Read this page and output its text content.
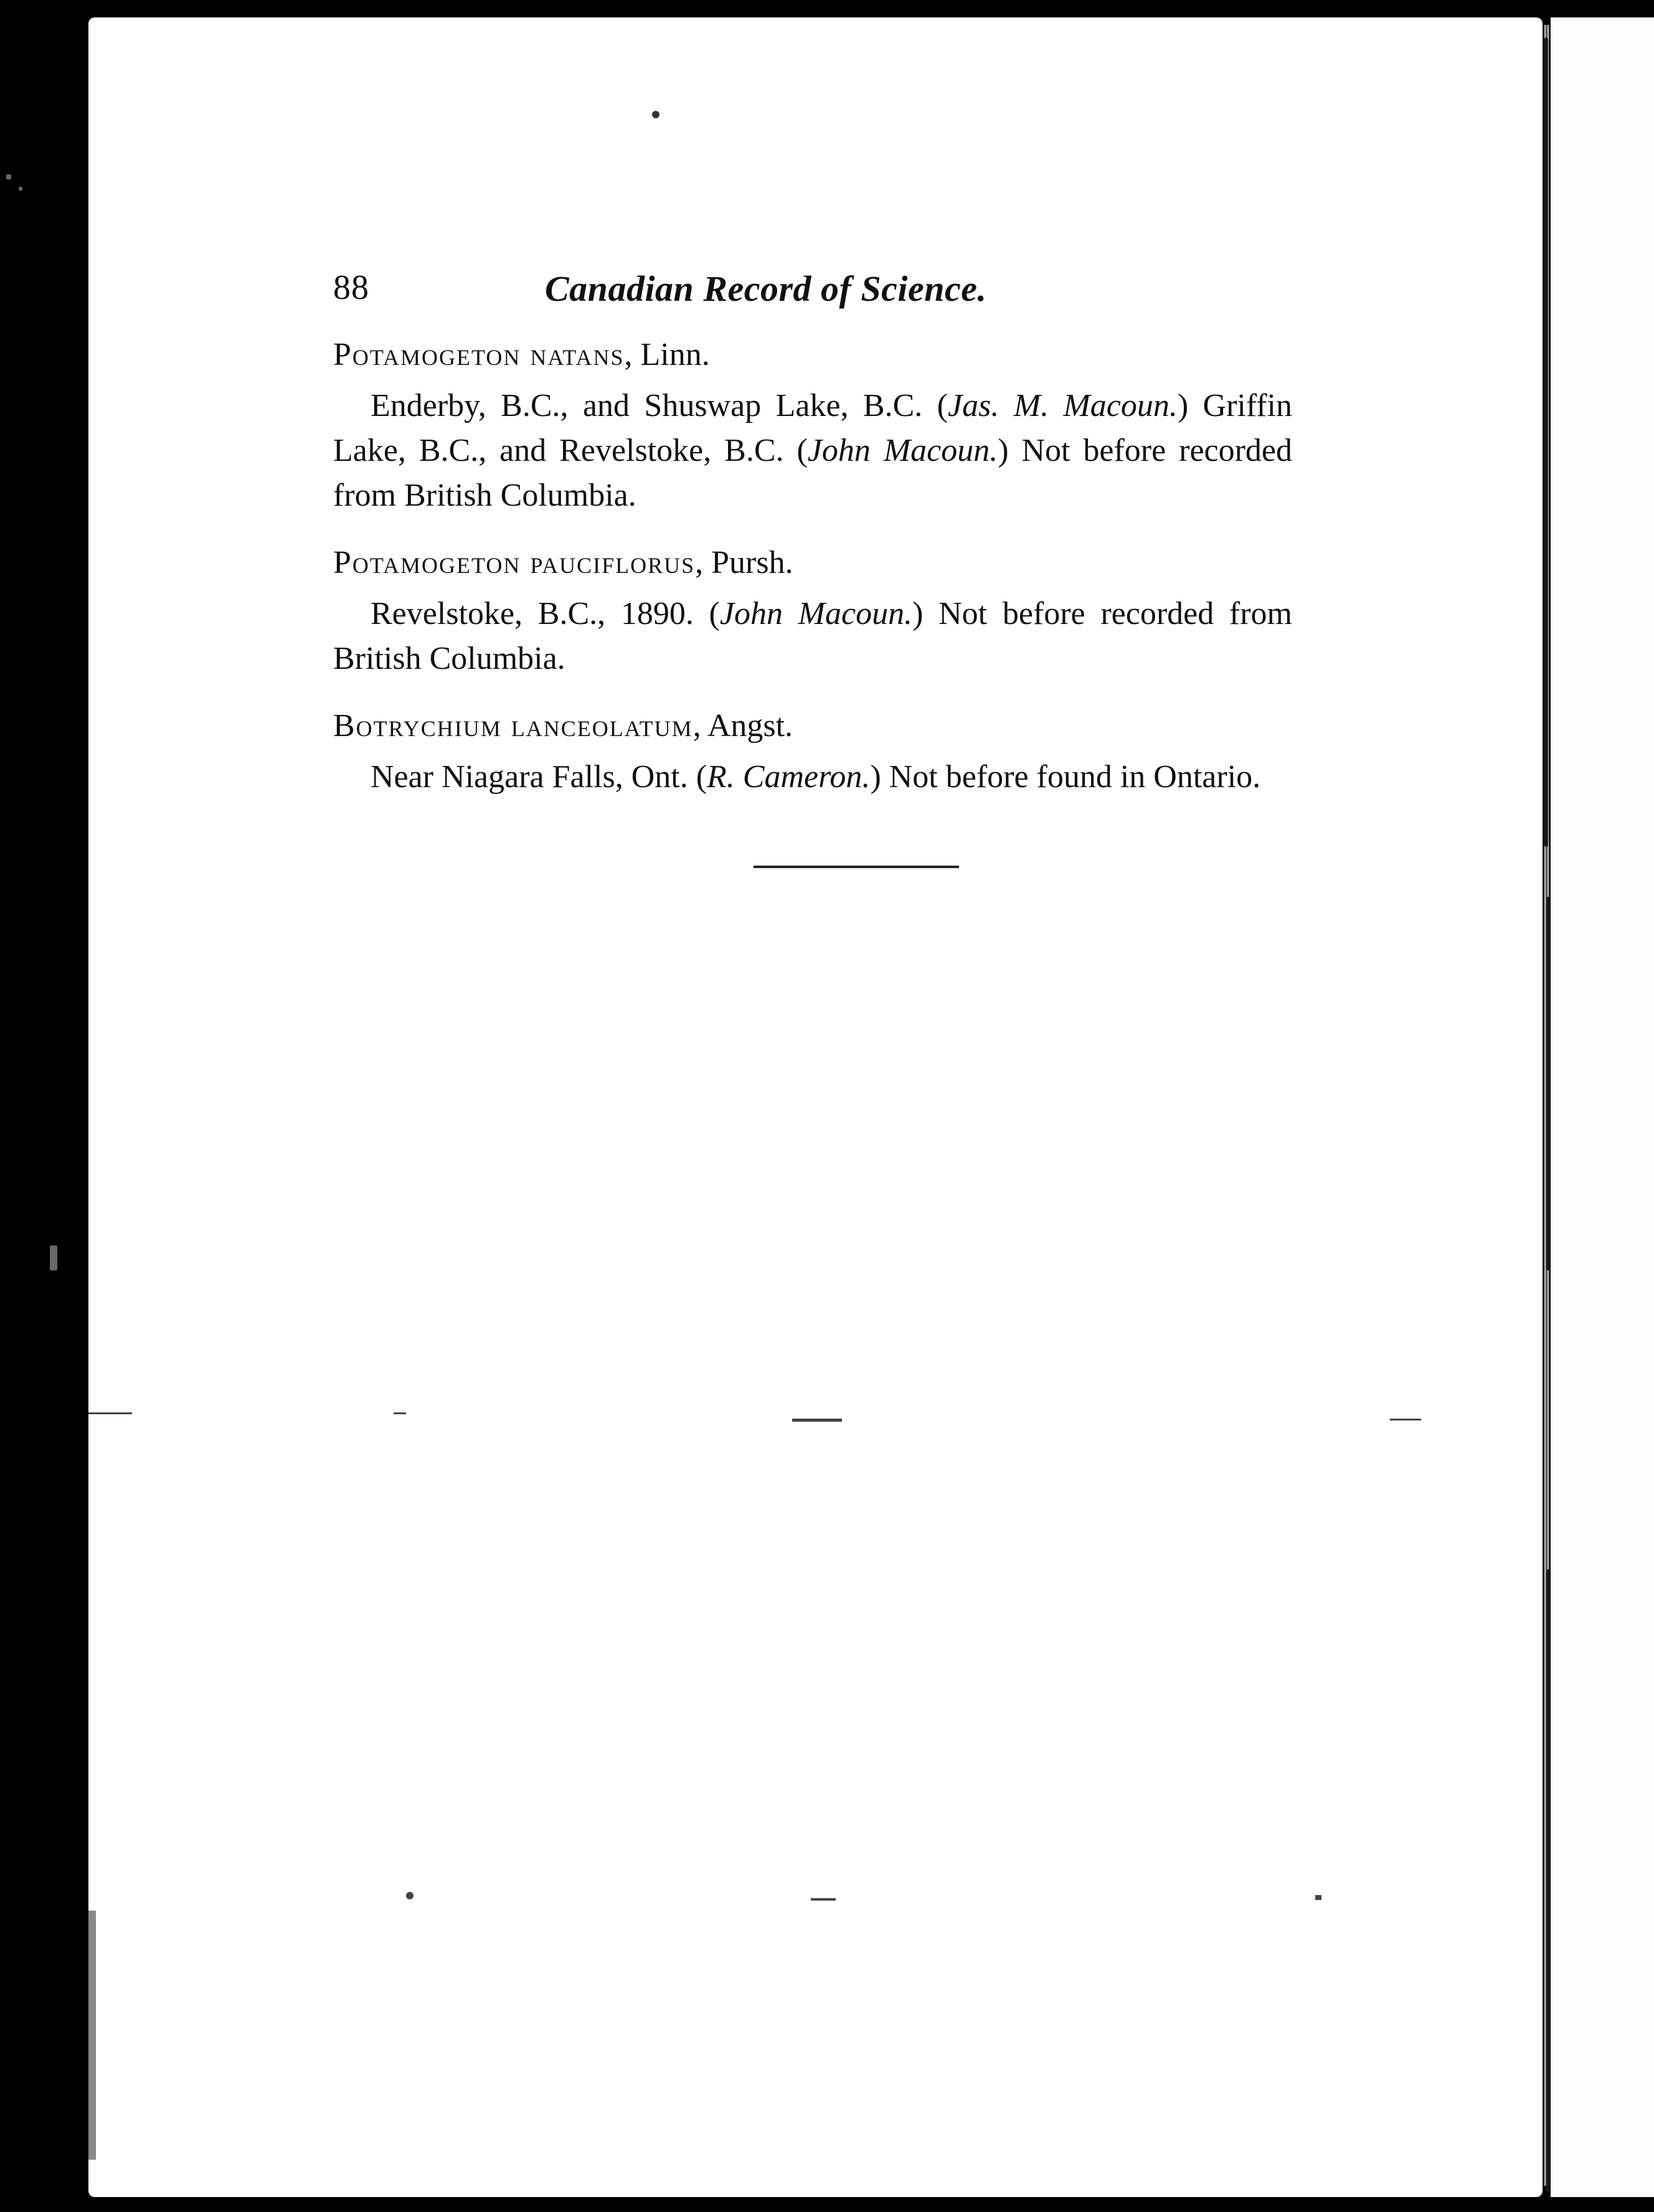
88	Canadian Record of Science.
Potamogeton natans, Linn.
Enderby, B.C., and Shuswap Lake, B.C. (Jas. M. Macoun.) Griffin Lake, B.C., and Revelstoke, B.C. (John Macoun.) Not before recorded from British Columbia.
Potamogeton pauciflorus, Pursh.
Revelstoke, B.C., 1890. (John Macoun.) Not before recorded from British Columbia.
Botrychium lanceolatum, Angst.
Near Niagara Falls, Ont. (R. Cameron.) Not before found in Ontario.
